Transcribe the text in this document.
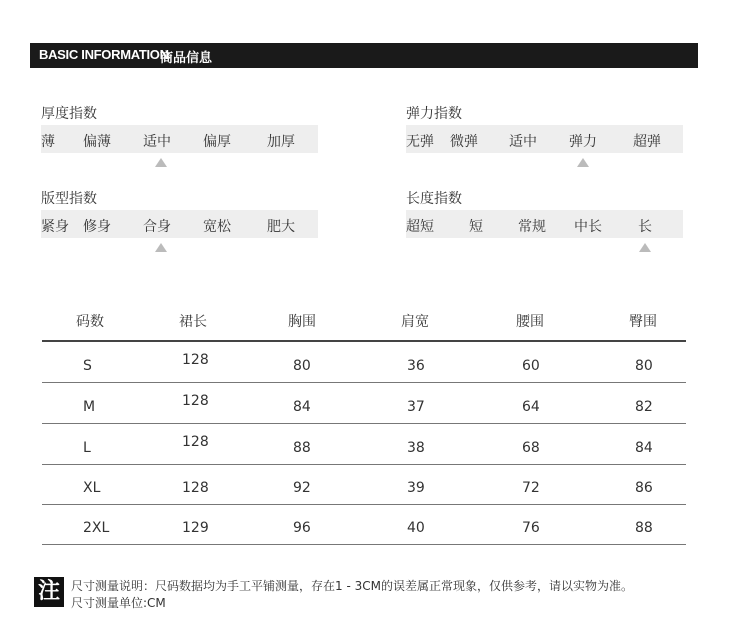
BASIC INFORMATION
商品信息
厚度指数
薄 偏薄 适中 偏厚	加厚
弹力指数
无弹 微弹 适中 弹力	超弹
版型指数
紧身 修身 合身 宽松	肥大
长度指数
超短	短	常规 中长	长
码数	裙长	胸围	肩宽	腰围	臀围
S	128	80	36	60	80
M	128	84	37	64	82
L	128	88	38	68	84
XL	128	92	39	72	86
2XL	129	96	40	76	88
注 尺寸测量说明：尺码数据均为手工平铺测量，存在1 - 3CM的误差属正常现象，仅供参考，请以实物为准。
尺寸测量单位:CM
